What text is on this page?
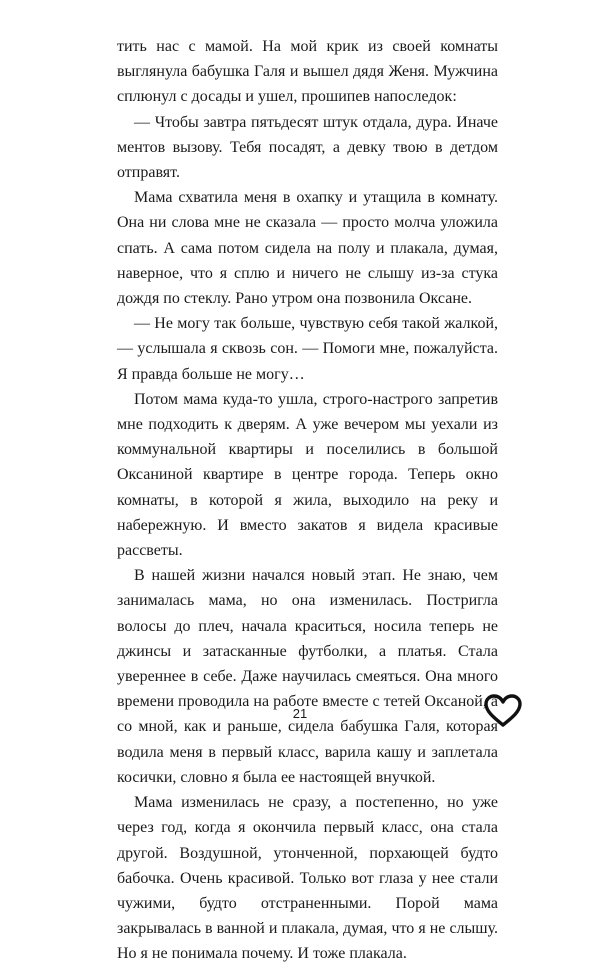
тить нас с мамой. На мой крик из своей комнаты выглянула бабушка Галя и вышел дядя Женя. Мужчина сплюнул с досады и ушел, прошипев напоследок:

— Чтобы завтра пятьдесят штук отдала, дура. Иначе ментов вызову. Тебя посадят, а девку твою в детдом отправят.

Мама схватила меня в охапку и утащила в комнату. Она ни слова мне не сказала — просто молча уложила спать. А сама потом сидела на полу и плакала, думая, наверное, что я сплю и ничего не слышу из-за стука дождя по стеклу. Рано утром она позвонила Оксане.

— Не могу так больше, чувствую себя такой жалкой, — услышала я сквозь сон. — Помоги мне, пожалуйста. Я правда больше не могу…

Потом мама куда-то ушла, строго-настрого запретив мне подходить к дверям. А уже вечером мы уехали из коммунальной квартиры и поселились в большой Оксаниной квартире в центре города. Теперь окно комнаты, в которой я жила, выходило на реку и набережную. И вместо закатов я видела красивые рассветы.

В нашей жизни начался новый этап. Не знаю, чем занималась мама, но она изменилась. Постригла волосы до плеч, начала краситься, носила теперь не джинсы и затасканные футболки, а платья. Стала увереннее в себе. Даже научилась смеяться. Она много времени проводила на работе вместе с тетей Оксаной, а со мной, как и раньше, сидела бабушка Галя, которая водила меня в первый класс, варила кашу и заплетала косички, словно я была ее настоящей внучкой.

Мама изменилась не сразу, а постепенно, но уже через год, когда я окончила первый класс, она стала другой. Воздушной, утонченной, порхающей будто бабочка. Очень красивой. Только вот глаза у нее стали чужими, будто отстраненными. Порой мама закрывалась в ванной и плакала, думая, что я не слышу. Но я не понимала почему. И тоже плакала.

21
